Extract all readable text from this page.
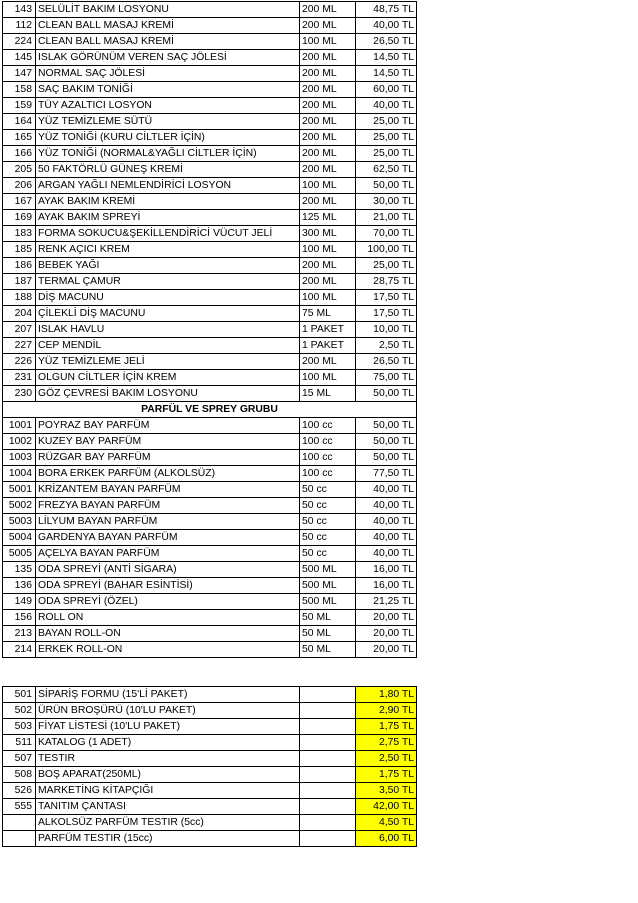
143	SELÜLİT BAKIM LOSYONU	200 ML	48,75 TL
112	CLEAN BALL MASAJ KREMİ	200 ML	40,00 TL
224	CLEAN BALL MASAJ KREMİ	100 ML	26,50 TL
145	ISLAK GÖRÜNÜM VEREN SAÇ JÖLESİ	200 ML	14,50 TL
147	NORMAL SAÇ JÖLESİ	200 ML	14,50 TL
158	SAÇ BAKIM TONİĞİ	200 ML	60,00 TL
159	TÜY AZALTICI LOSYON	200 ML	40,00 TL
164	YÜZ TEMİZLEME SÜTÜ	200 ML	25,00 TL
165	YÜZ TONİĞİ (KURU CİLTLER İÇİN)	200 ML	25,00 TL
166	YÜZ TONİĞİ (NORMAL&YAĞLI CİLTLER İÇİN)	200 ML	25,00 TL
205	50 FAKTÖRLÜ GÜNEŞ KREMİ	200 ML	62,50 TL
206	ARGAN YAĞLI NEMLENDİRİCİ LOSYON	100 ML	50,00 TL
167	AYAK BAKIM KREMİ	200 ML	30,00 TL
169	AYAK BAKIM SPREYİ	125 ML	21,00 TL
183	FORMA SOKUCU&ŞEKİLLENDİRİCİ VÜCUT JELİ	300 ML	70,00 TL
185	RENK AÇICI KREM	100 ML	100,00 TL
186	BEBEK YAĞI	200 ML	25,00 TL
187	TERMAL ÇAMUR	200 ML	28,75 TL
188	DİŞ MACUNU	100 ML	17,50 TL
204	ÇİLEKLİ DİŞ MACUNU	75 ML	17,50 TL
207	ISLAK HAVLU	1 PAKET	10,00 TL
227	CEP MENDİL	1 PAKET	2,50 TL
226	YÜZ TEMİZLEME JELİ	200 ML	26,50 TL
231	OLGUN CİLTLER İÇİN KREM	100 ML	75,00 TL
230	GÖZ ÇEVRESİ BAKIM LOSYONU	15 ML	50,00 TL
PARFÜL VE SPREY GRUBU			
1001	POYRAZ BAY PARFÜM	100 cc	50,00 TL
1002	KUZEY BAY PARFÜM	100 cc	50,00 TL
1003	RÜZGAR BAY PARFÜM	100 cc	50,00 TL
1004	BORA ERKEK PARFÜM (ALKOLSÜZ)	100 cc	77,50 TL
5001	KRİZANTEM BAYAN PARFÜM	50 cc	40,00 TL
5002	FREZYA BAYAN PARFÜM	50 cc	40,00 TL
5003	LİLYUM BAYAN PARFÜM	50 cc	40,00 TL
5004	GARDENYA BAYAN PARFÜM	50 cc	40,00 TL
5005	AÇELYA BAYAN PARFÜM	50 cc	40,00 TL
135	ODA SPREYİ (ANTİ SİGARA)	500 ML	16,00 TL
136	ODA SPREYİ (BAHAR ESİNTİSİ)	500 ML	16,00 TL
149	ODA SPREYİ (ÖZEL)	500 ML	21,25 TL
156	ROLL ON	50 ML	20,00 TL
213	BAYAN ROLL-ON	50 ML	20,00 TL
214	ERKEK ROLL-ON	50 ML	20,00 TL
501	SİPARİŞ FORMU (15'Lİ PAKET)		1,80 TL
502	ÜRÜN BROŞÜRÜ (10'LU PAKET)		2,90 TL
503	FİYAT LİSTESİ (10'LU PAKET)		1,75 TL
511	KATALOG (1 ADET)		2,75 TL
507	TESTIR		2,50 TL
508	BOŞ APARAT(250ML)		1,75 TL
526	MARKETİNG KİTAPÇIĞI		3,50 TL
555	TANITIM ÇANTASI		42,00 TL
	ALKOLSÜZ PARFÜM TESTIR (5cc)		4,50 TL
	PARFÜM TESTIR (15cc)		6,00 TL
